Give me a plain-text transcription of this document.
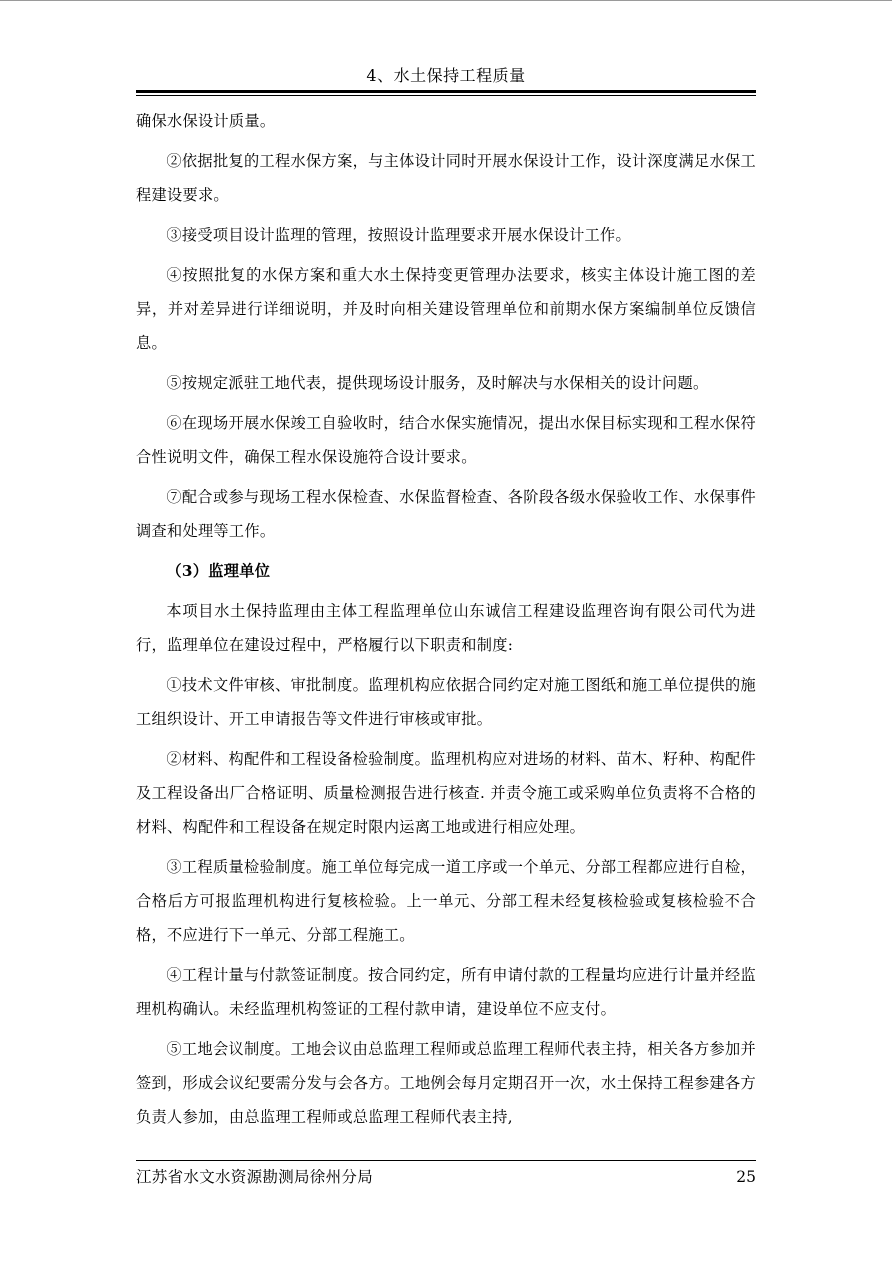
4、水土保持工程质量

确保水保设计质量。

②依据批复的工程水保方案，与主体设计同时开展水保设计工作，设计深度满足水保工程建设要求。

③接受项目设计监理的管理，按照设计监理要求开展水保设计工作。

④按照批复的水保方案和重大水土保持变更管理办法要求，核实主体设计施工图的差异，并对差异进行详细说明，并及时向相关建设管理单位和前期水保方案编制单位反馈信息。

⑤按规定派驻工地代表，提供现场设计服务，及时解决与水保相关的设计问题。

⑥在现场开展水保竣工自验收时，结合水保实施情况，提出水保目标实现和工程水保符合性说明文件，确保工程水保设施符合设计要求。

⑦配合或参与现场工程水保检查、水保监督检查、各阶段各级水保验收工作、水保事件调查和处理等工作。

（3）监理单位

本项目水土保持监理由主体工程监理单位山东诚信工程建设监理咨询有限公司代为进行，监理单位在建设过程中，严格履行以下职责和制度:

①技术文件审核、审批制度。监理机构应依据合同约定对施工图纸和施工单位提供的施工组织设计、开工申请报告等文件进行审核或审批。

②材料、构配件和工程设备检验制度。监理机构应对进场的材料、苗木、籽种、构配件及工程设备出厂合格证明、质量检测报告进行核查. 并责令施工或采购单位负责将不合格的材料、构配件和工程设备在规定时限内运离工地或进行相应处理。

③工程质量检验制度。施工单位每完成一道工序或一个单元、分部工程都应进行自检，合格后方可报监理机构进行复核检验。上一单元、分部工程未经复核检验或复核检验不合格，不应进行下一单元、分部工程施工。

④工程计量与付款签证制度。按合同约定，所有申请付款的工程量均应进行计量并经监理机构确认。未经监理机构签证的工程付款申请，建设单位不应支付。

⑤工地会议制度。工地会议由总监理工程师或总监理工程师代表主持，相关各方参加并签到，形成会议纪要需分发与会各方。工地例会每月定期召开一次，水土保持工程参建各方负责人参加，由总监理工程师或总监理工程师代表主持,

江苏省水文水资源勘测局徐州分局	25
